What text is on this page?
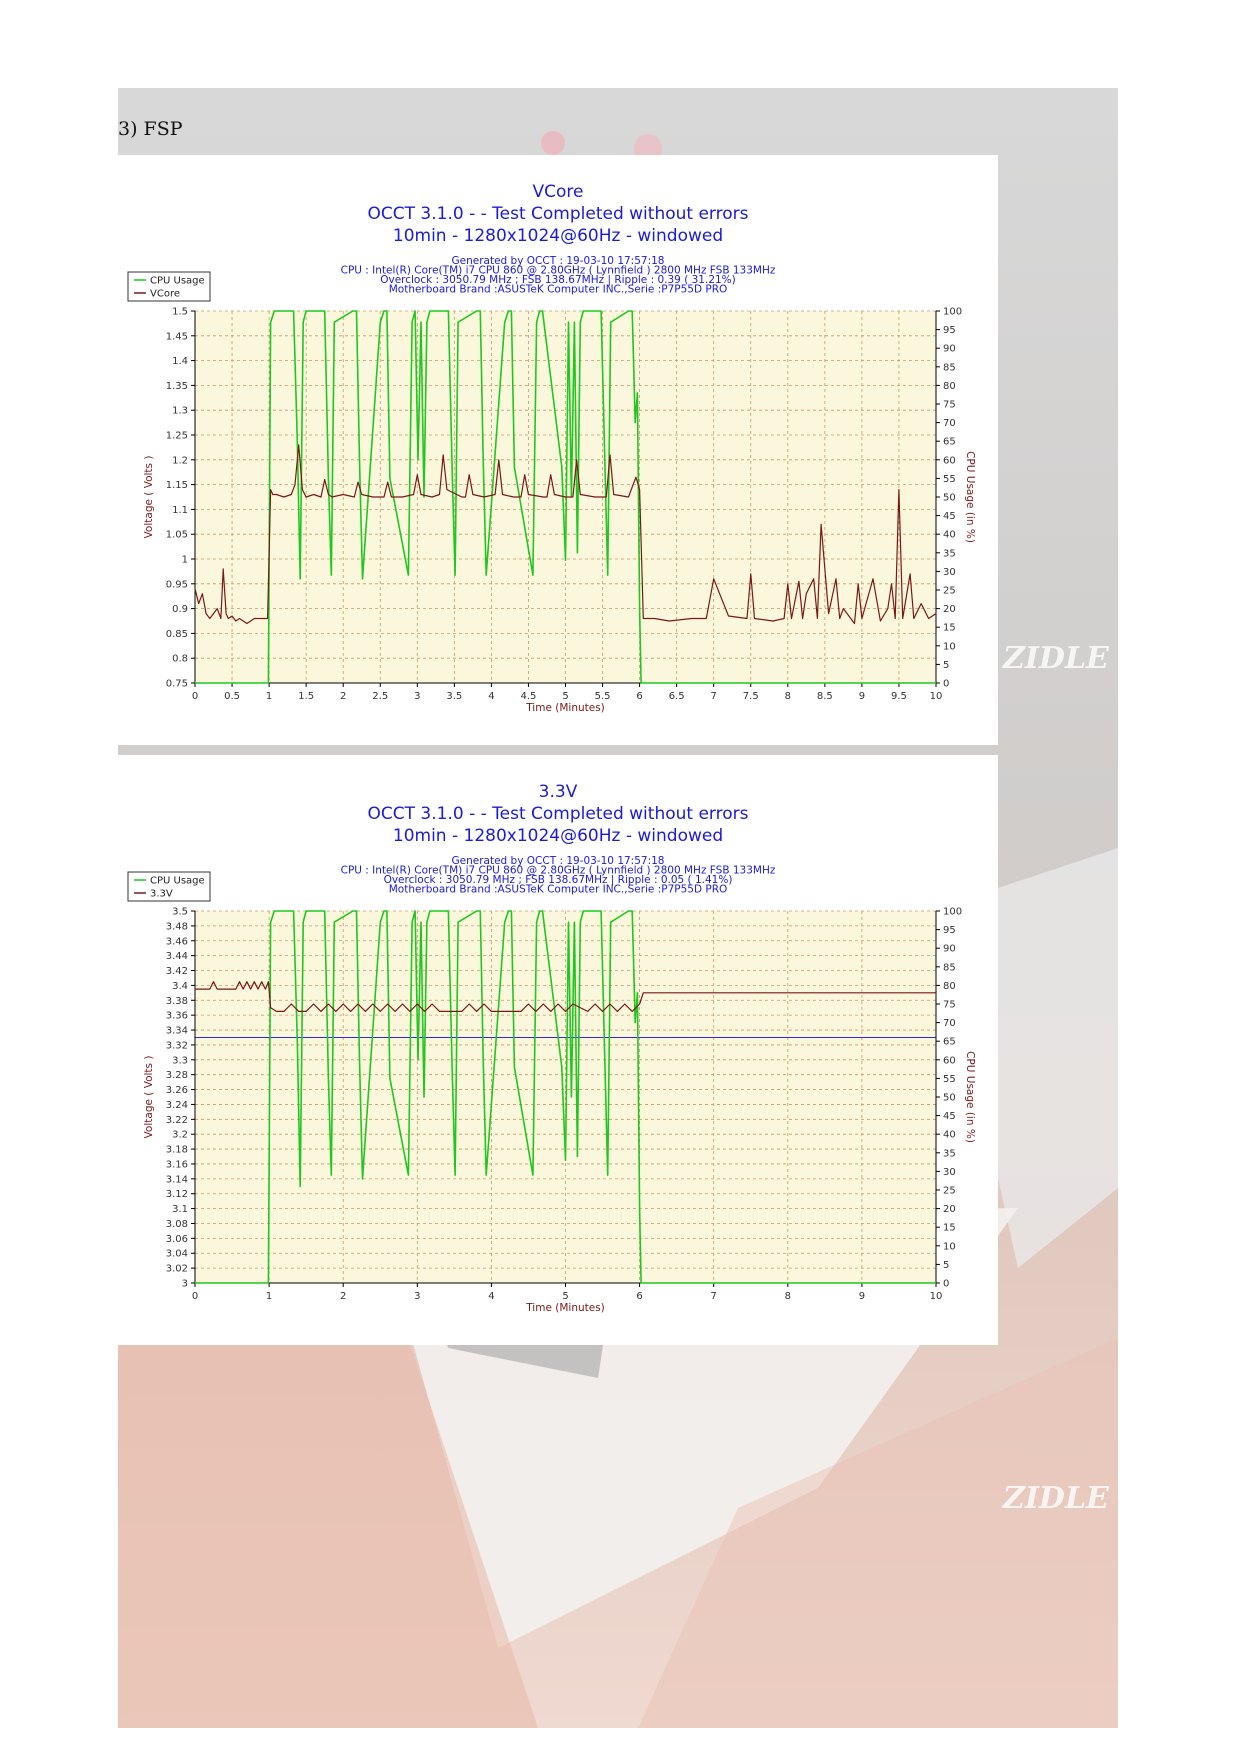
ZIDLE
ZIDLE
3) FSP
VCore
OCCT 3.1.0 - - Test Completed without errors
10min - 1280x1024@60Hz - windowed
Generated by OCCT : 19-03-10 17:57:18
CPU : Intel(R) Core(TM) i7 CPU 860 @ 2.80GHz ( Lynnfield ) 2800 MHz FSB 133MHz
Overclock : 3050.79 MHz ; FSB 138.67MHz | Ripple : 0.39 ( 31.21%)
Motherboard Brand :ASUSTeK Computer INC.,Serie :P7P55D PRO
CPU Usage
VCore
1.5
1.45
1.4
1.35
1.3
1.25
1.2
1.15
1.1
1.05
1
0.95
0.9
0.85
0.8
0.75
100
95
90
85
80
75
70
65
60
55
50
45
40
35
30
25
20
15
10
5
0
0	0.5	1	1.5	2	2.5	3	3.5	4	4.5	5	5.5	6	6.5	7	7.5	8	8.5	9	9.5 10
Time (Minutes)
Voltage ( Volts )	CPU Usage (in %)
3.3V
OCCT 3.1.0 - - Test Completed without errors
10min - 1280x1024@60Hz - windowed
Generated by OCCT : 19-03-10 17:57:18
CPU : Intel(R) Core(TM) i7 CPU 860 @ 2.80GHz ( Lynnfield ) 2800 MHz FSB 133MHz
Overclock : 3050.79 MHz ; FSB 138.67MHz | Ripple : 0.05 ( 1.41%)
Motherboard Brand :ASUSTeK Computer INC.,Serie :P7P55D PRO
CPU Usage
3.3V
3.5
3.48
3.46
3.44
3.42
3.4
3.38
3.36
3.34
3.32
3.3
3.28
3.26
3.24
3.22
3.2
3.18
3.16
3.14
3.12
3.1
3.08
3.06
3.04
3.02
3
100
95
90
85
80
75
70
65
60
55
50
45
40
35
30
25
20
15
10
5
0
0	1	2	3	4	5	6	7	8	9	10
Time (Minutes)
Voltage ( Volts )	CPU Usage (in %)
